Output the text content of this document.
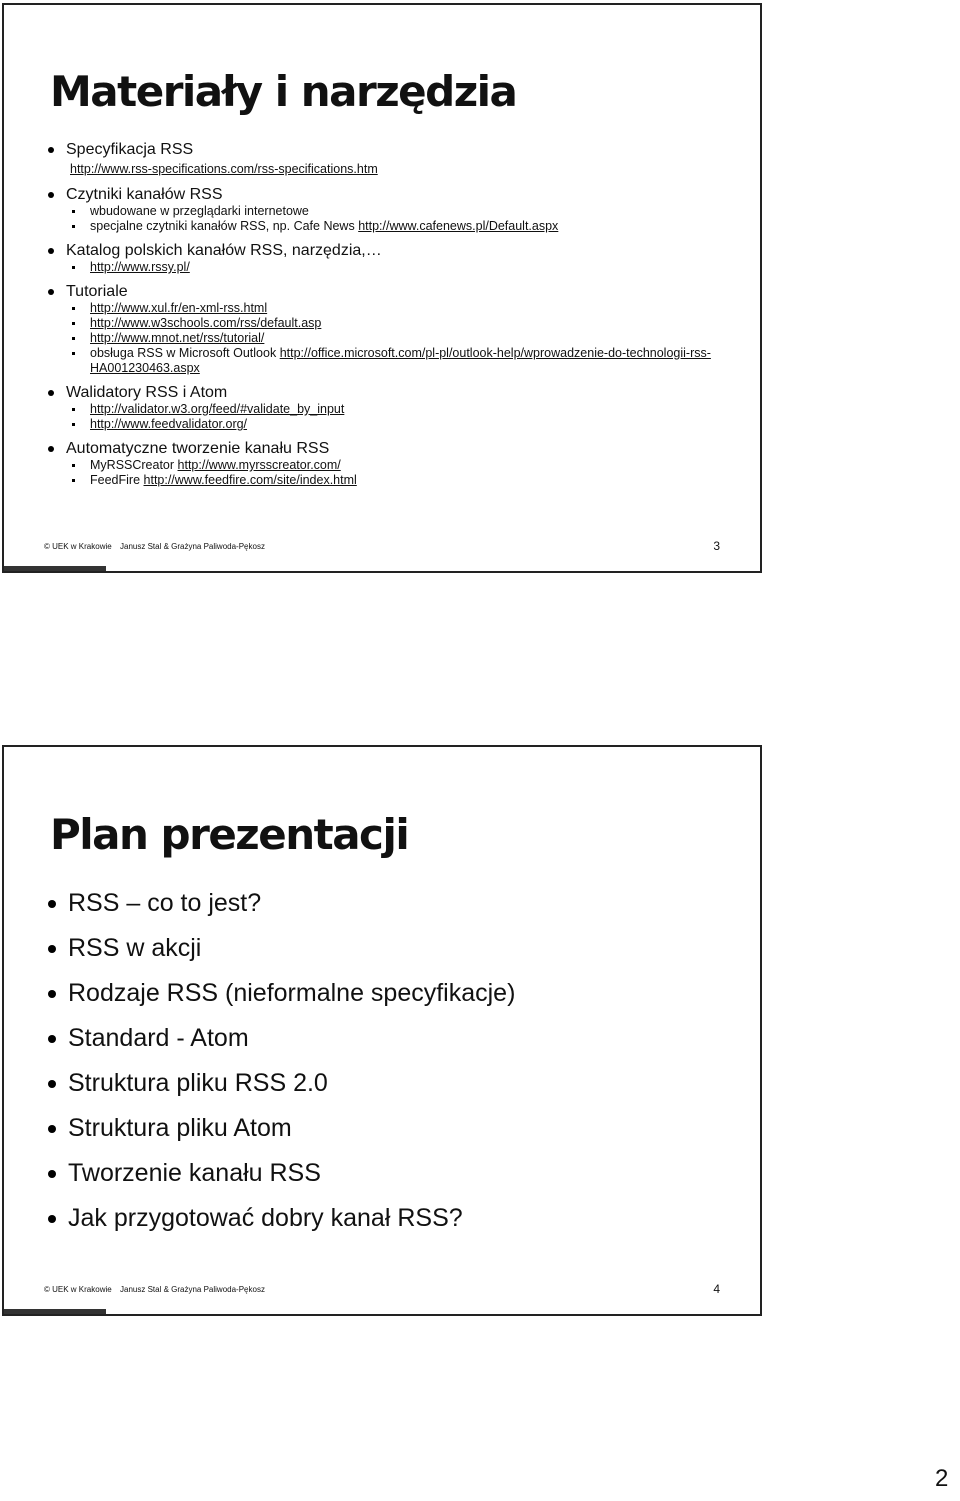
Materiały i narzędzia
Specyfikacja RSS
http://www.rss-specifications.com/rss-specifications.htm
Czytniki kanałów RSS
wbudowane w przeglądarki internetowe
specjalne czytniki kanałów RSS, np. Cafe News http://www.cafenews.pl/Default.aspx
Katalog polskich kanałów RSS, narzędzia,…
http://www.rssy.pl/
Tutoriale
http://www.xul.fr/en-xml-rss.html
http://www.w3schools.com/rss/default.asp
http://www.mnot.net/rss/tutorial/
obsługa RSS w Microsoft Outlook http://office.microsoft.com/pl-pl/outlook-help/wprowadzenie-do-technologii-rss-HA001230463.aspx
Walidatory RSS i Atom
http://validator.w3.org/feed/#validate_by_input
http://www.feedvalidator.org/
Automatyczne tworzenie kanału RSS
MyRSSCreator http://www.myrsscreator.com/
FeedFire http://www.feedfire.com/site/index.html
© UEK w Krakowie Janusz Stal & Grażyna Paliwoda-Pękosz	3
Plan prezentacji
RSS – co to jest?
RSS w akcji
Rodzaje RSS (nieformalne specyfikacje)
Standard - Atom
Struktura pliku RSS 2.0
Struktura pliku Atom
Tworzenie kanału RSS
Jak przygotować dobry kanał RSS?
© UEK w Krakowie Janusz Stal & Grażyna Paliwoda-Pękosz	4
2
